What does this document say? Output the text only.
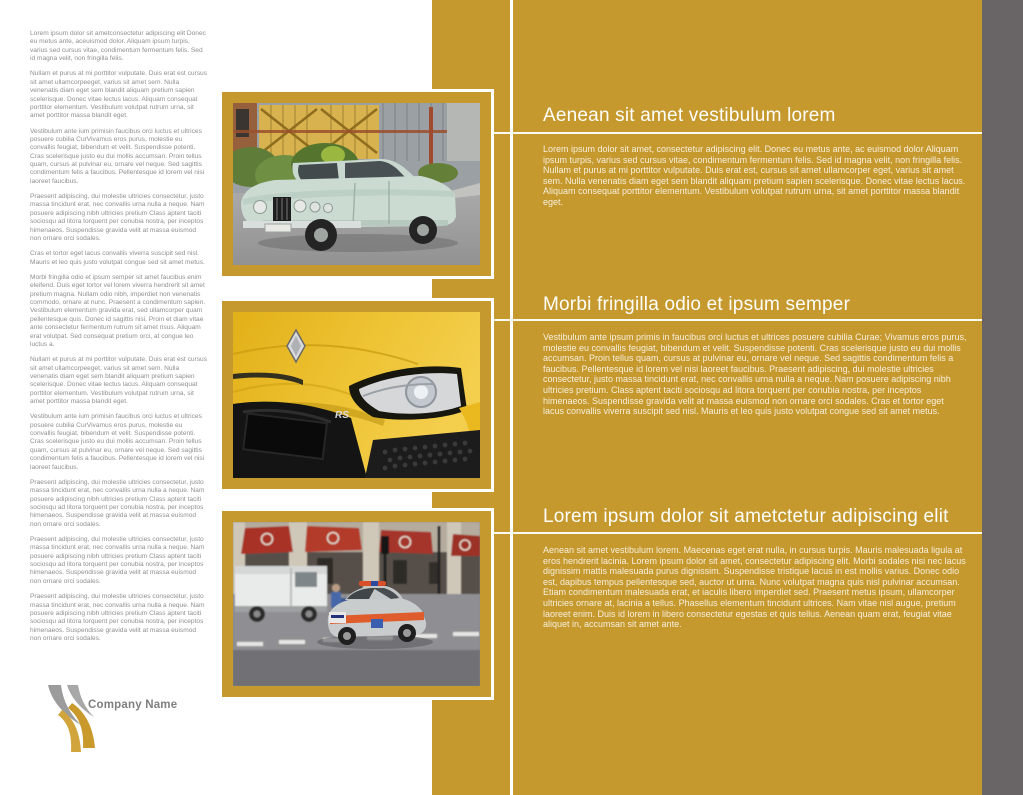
Lorem ipsum dolor sit ametconsectetur adipiscing elit Donec eu metus ante, aceuismod dolor. Aliquam ipsum turpis, varius sed cursus vitae, condimentum fermentum felis. Sed id magna velit, non fringilla felis.

Nullam et purus at mi porttitor vulputate. Duis erat est cursus sit amet ullamcorpeeget, varius sit amet sem. Nulla venenatis diam eget sem blandit aliquam pretium sapien scelerisque. Donec vitae lectus lacus. Aliquam consequat porttitor elementum. Vestibulum volutpat rutrum urna, sit amet porttitor massa blandit eget.

Vestibulum ante ium primisin faucibus orci luctus et ultrices posuere cubilia CurVivamus eros purus, molestie eu convallis feugiat, bibendum et velit. Suspendisse potenti. Cras scelerisque justo eu dui mollis accumsan. Proin tellus quam, cursus at pulvinar eu, ornare vel neque. Sed sagittis condimentum felis a faucibus. Pellentesque id lorem vel nisi laoreet faucibus.

Praesent adipiscing, dui molestie ultricies consectetur, justo massa tincidunt erat, nec convallis urna nulla a neque. Nam posuere adipiscing nibh ultricies pretium Class aptent taciti sociosqu ad litora torquent per conubia nostra, per inceptos himenaeos. Suspendisse gravida velit at massa euismod non ornare orci sodales.

Cras et tortor eget lacus convallis viverra suscipit sed nisl. Mauris et leo quis justo volutpat congue sed sit amet metus.

Morbi fringilla odio et ipsum semper sit amet faucibus enim eleifend. Duis eget tortor vel lorem viverra hendrerit sit amet pretium magna. Nullam odio nibh, imperdiet non venenatis commodo, ornare at nunc. Praesent a condimentum sapien. Vestibulum elementum gravida erat, sed ullamcorper quam pellentesque quis. Donec id sagittis nisi. Proin et diam vitae ante consectetur fermentum rutrum sit amet risus. Aliquam erat volutpat. Sed consequat pretium orci, at congue leo luctus a.

Nullam et purus at mi porttitor vulputate. Duis erat est cursus sit amet ullamcorpeeget, varius sit amet sem. Nulla venenatis diam eget sem blandit aliquam pretium sapien scelerisque. Donec vitae lectus lacus. Aliquam consequat porttitor elementum. Vestibulum volutpat rutrum urna, sit amet porttitor massa blandit eget.

Vestibulum ante ium primisin faucibus orci luctus et ultrices posuere cubilia CurVivamus eros purus, molestie eu convallis feugiat, bibendum et velit. Suspendisse potenti. Cras scelerisque justo eu dui mollis accumsan. Proin tellus quam, cursus at pulvinar eu, ornare vel neque. Sed sagittis condimentum felis a faucibus. Pellentesque id lorem vel nisi laoreet faucibus.

Praesent adipiscing, dui molestie ultricies consectetur, justo massa tincidunt erat, nec convallis urna nulla a neque. Nam posuere adipiscing nibh ultricies pretium Class aptent taciti sociosqu ad litora torquent per conubia nostra, per inceptos himenaeos. Suspendisse gravida velit at massa euismod non ornare orci sodales.

Praesent adipiscing, dui molestie ultricies consectetur, justo massa tincidunt erat, nec convallis urna nulla a neque. Nam posuere adipiscing nibh ultricies pretium Class aptent taciti sociosqu ad litora torquent per conubia nostra, per inceptos himenaeos. Suspendisse gravida velit at massa euismod non ornare orci sodales.

Praesent adipiscing, dui molestie ultricies consectetur, justo massa tincidunt erat, nec convallis urna nulla a neque. Nam posuere adipiscing nibh ultricies pretium Class aptent taciti sociosqu ad litora torquent per conubia nostra, per inceptos himenaeos. Suspendisse gravida velit at massa euismod non ornare orci sodales.

Company Name
Aenean sit amet vestibulum lorem
Lorem ipsum dolor sit amet, consectetur adipiscing elit. Donec eu metus ante, ac euismod dolor Aliquam ipsum turpis, varius sed cursus vitae, condimentum fermentum felis. Sed id magna velit, non fringilla felis. Nullam et purus at mi porttitor vulputate. Duis erat est, cursus sit amet ullamcorper eget, varius sit amet sem. Nulla venenatis diam eget sem blandit aliquam pretium sapien scelerisque. Donec vitae lectus lacus. Aliquam consequat porttitor elementum. Vestibulum volutpat rutrum urna, sit amet porttitor massa blandit eget.
Morbi fringilla odio et ipsum semper
Vestibulum ante ipsum primis in faucibus orci luctus et ultrices posuere cubilia Curae; Vivamus eros purus, molestie eu convallis feugiat, bibendum et velit. Suspendisse potenti. Cras scelerisque justo eu dui mollis accumsan. Proin tellus quam, cursus at pulvinar eu, ornare vel neque. Sed sagittis condimentum felis a faucibus. Pellentesque id lorem vel nisi laoreet faucibus. Praesent adipiscing, dui molestie ultricies consectetur, justo massa tincidunt erat, nec convallis urna nulla a neque. Nam posuere adipiscing nibh ultricies pretium. Class aptent taciti sociosqu ad litora torquent per conubia nostra, per inceptos himenaeos. Suspendisse gravida velit at massa euismod non ornare orci sodales. Cras et tortor eget lacus convallis viverra suscipit sed nisl. Mauris et leo quis justo volutpat congue sed sit amet metus.
Lorem ipsum dolor sit ametctetur adipiscing elit
Aenean sit amet vestibulum lorem. Maecenas eget erat nulla, in cursus turpis. Mauris malesuada ligula at eros hendrerit lacinia. Lorem ipsum dolor sit amet, consectetur adipiscing elit. Morbi sodales nisi nec lacus dignissim mattis malesuada purus dignissim. Suspendisse tristique lacus in est mollis varius. Donec odio est, dapibus tempus pellentesque sed, auctor ut urna. Nunc volutpat magna quis nisl pulvinar accumsan. Etiam condimentum malesuada erat, et iaculis libero imperdiet sed. Praesent metus ipsum, ullamcorper ultricies ornare at, lacinia a tellus. Phasellus elementum tincidunt ultrices. Nam vitae nisl augue, pretium laoreet enim. Duis id lorem in libero consectetur egestas et quis tellus. Aenean quam erat, feugiat vitae aliquet in, accumsan sit amet ante.
RS
